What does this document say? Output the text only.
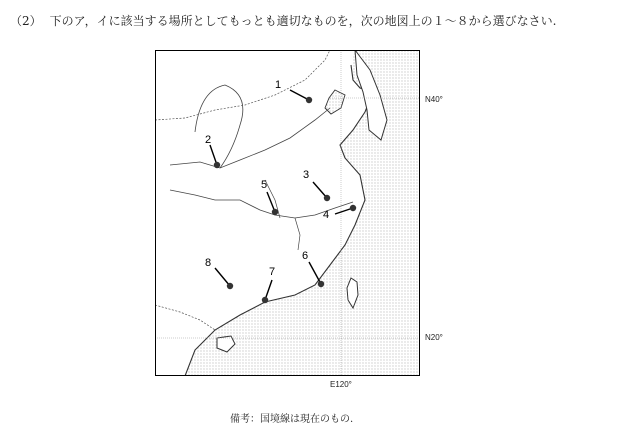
（2） 下のア，イに該当する場所としてもっとも適切なものを，次の地図上の１～８から選びなさい.
1
2
3
4
5
6
7
8
N40°
N20°
E120°
備考：国境線は現在のもの.
